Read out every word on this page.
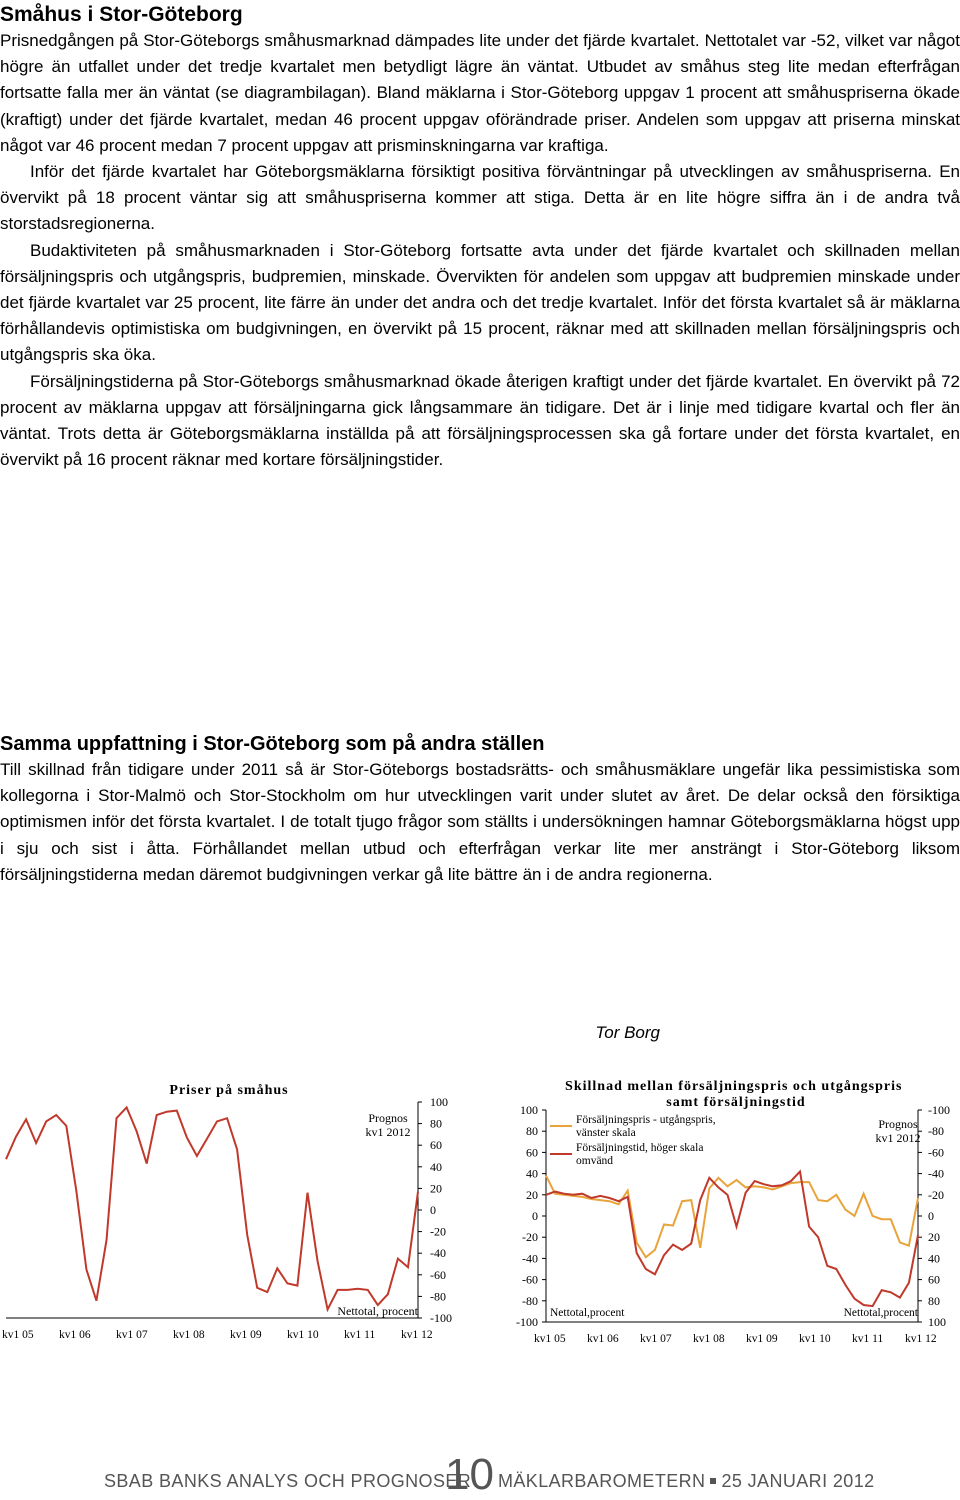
Småhus i Stor-Göteborg

Prisnedgången på Stor-Göteborgs småhusmarknad dämpades lite under det fjärde kvartalet. Nettotalet var -52, vilket var något högre än utfallet under det tredje kvartalet men betydligt lägre än väntat. Utbudet av småhus steg lite medan efterfrågan fortsatte falla mer än väntat (se diagrambilagan). Bland mäklarna i Stor-Göteborg uppgav 1 procent att småhuspriserna ökade (kraftigt) under det fjärde kvartalet, medan 46 procent uppgav oförändrade priser. Andelen som uppgav att priserna minskat något var 46 procent medan 7 procent uppgav att prisminskningarna var kraftiga.

Inför det fjärde kvartalet har Göteborgsmäklarna försiktigt positiva förväntningar på utvecklingen av småhuspriserna. En övervikt på 18 procent väntar sig att småhuspriserna kommer att stiga. Detta är en lite högre siffra än i de andra två storstadsregionerna.

Budaktiviteten på småhusmarknaden i Stor-Göteborg fortsatte avta under det fjärde kvartalet och skillnaden mellan försäljningspris och utgångspris, budpremien, minskade. Övervikten för andelen som uppgav att budpremien minskade under det fjärde kvartalet var 25 procent, lite färre än under det andra och det tredje kvartalet. Inför det första kvartalet så är mäklarna förhållandevis optimistiska om budgivningen, en övervikt på 15 procent, räknar med att skillnaden mellan försäljningspris och utgångspris ska öka.

Försäljningstiderna på Stor-Göteborgs småhusmarknad ökade återigen kraftigt under det fjärde kvartalet. En övervikt på 72 procent av mäklarna uppgav att försäljningarna gick långsammare än tidigare. Det är i linje med tidigare kvartal och fler än väntat. Trots detta är Göteborgsmäklarna inställda på att försäljningsprocessen ska gå fortare under det första kvartalet, en övervikt på 16 procent räknar med kortare försäljningstider.

Samma uppfattning i Stor-Göteborg som på andra ställen

Till skillnad från tidigare under 2011 så är Stor-Göteborgs bostadsrätts- och småhusmäklare ungefär lika pessimistiska som kollegorna i Stor-Malmö och Stor-Stockholm om hur utvecklingen varit under slutet av året. De delar också den försiktiga optimismen inför det första kvartalet. I de totalt tjugo frågor som ställts i undersökningen hamnar Göteborgsmäklarna högst upp i sju och sist i åtta. Förhållandet mellan utbud och efterfrågan verkar lite mer ansträngt i Stor-Göteborg liksom försäljningstiderna medan däremot budgivningen verkar gå lite bättre än i de andra regionerna.

Tor Borg
Priser på småhus
100
80
60
40
20
0
-20
-40
-60
-80
-100
kv1 05 kv1 06 kv1 07 kv1 08 kv1 09 kv1 10 kv1 11 kv1 12
Prognos
kv1 2012
Nettotal, procent
Skillnad mellan försäljningspris och utgångspris samt försäljningstid
100
80
60
40
20
0
-20
-40
-60
-80
-100
-100
-80
-60
-40
-20
0
20
40
60
80
100
kv1 05 kv1 06 kv1 07 kv1 08 kv1 09 kv1 10 kv1 11 kv1 12
Försäljningspris - utgångspris, vänster skala
Försäljningstid, höger skala omvänd
Prognos
kv1 2012
Nettotal,procent	Nettotal,procent
SBAB BANKS ANALYS OCH PROGNOSER
10 MÄKLARBAROMETERN 25 JANUARI 2012
